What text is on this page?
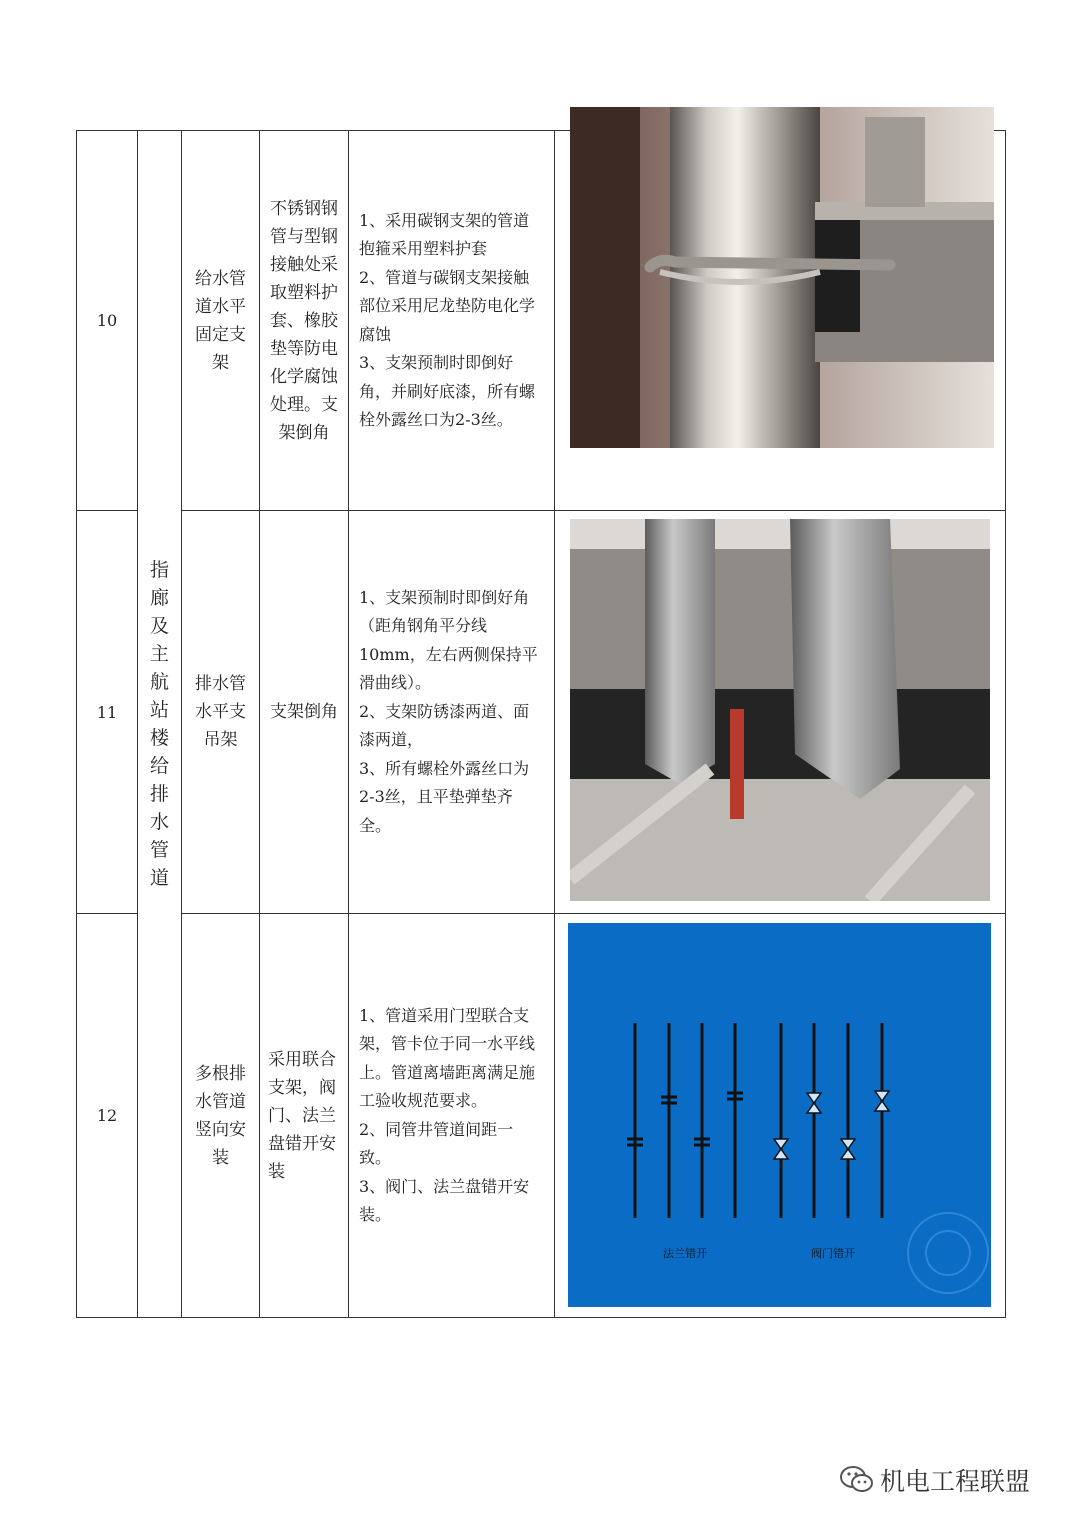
10	指廊及主航站楼给排水管道	给水管道水平固定支架	不锈钢钢管与型钢接触处采取塑料护套、橡胶垫等防电化学腐蚀处理。支架倒角	1、采用碳钢支架的管道抱箍采用塑料护套
2、管道与碳钢支架接触部位采用尼龙垫防电化学腐蚀
3、支架预制时即倒好角，并刷好底漆，所有螺栓外露丝口为2-3丝。	

11		排水管水平支吊架	支架倒角	1、支架预制时即倒好角（距角钢角平分线10mm，左右两侧保持平滑曲线）。
2、支架防锈漆两道、面漆两道，
3、所有螺栓外露丝口为2-3丝，且平垫弹垫齐全。	

12		多根排水管道竖向安装	采用联合支架，阀门、法兰盘错开安装	1、管道采用门型联合支架，管卡位于同一水平线上。管道离墙距离满足施工验收规范要求。
2、同管井管道间距一致。
3、阀门、法兰盘错开安装。	法兰错开 阀门错开
机电工程联盟
